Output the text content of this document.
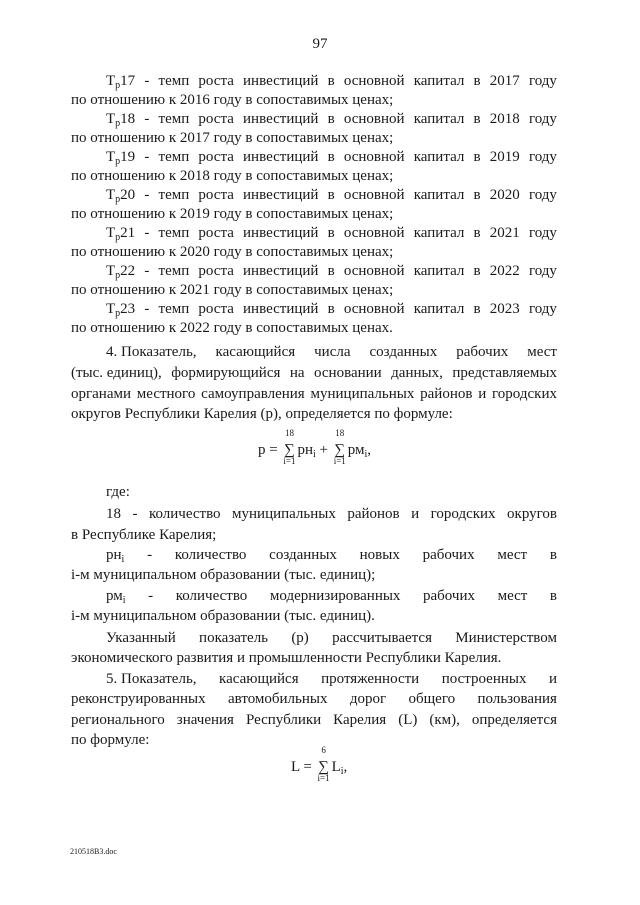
97
$Т_р17$ - темп роста инвестиций в основной капитал в 2017 году
по отношению к 2016 году в сопоставимых ценах;
$Т_р18$ - темп роста инвестиций в основной капитал в 2018 году
по отношению к 2017 году в сопоставимых ценах;
$Т_р19$ - темп роста инвестиций в основной капитал в 2019 году
по отношению к 2018 году в сопоставимых ценах;
$Т_р20$ - темп роста инвестиций в основной капитал в 2020 году
по отношению к 2019 году в сопоставимых ценах;
$Т_р21$ - темп роста инвестиций в основной капитал в 2021 году
по отношению к 2020 году в сопоставимых ценах;
$Т_р22$ - темп роста инвестиций в основной капитал в 2022 году
по отношению к 2021 году в сопоставимых ценах;
$Т_р23$ - темп роста инвестиций в основной капитал в 2023 году
по отношению к 2022 году в сопоставимых ценах.
4. Показатель, касающийся числа созданных рабочих мест
(тыс. единиц), формирующийся на основании данных, представляемых
органами местного самоуправления муниципальных районов и городских
округов Республики Карелия (p), определяется по формуле:
где:
18 - количество муниципальных районов и городских округов
в Республике Карелия;
$рн_i$ - количество созданных новых рабочих мест в
i-м муниципальном образовании (тыс. единиц);
$рм_i$ - количество модернизированных рабочих мест в
i-м муниципальном образовании (тыс. единиц).
Указанный показатель (p) рассчитывается Министерством
экономического развития и промышленности Республики Карелия.
5. Показатель, касающийся протяженности построенных и
реконструированных автомобильных дорог общего пользования
регионального значения Республики Карелия (L) (км), определяется
по формуле:
p = ∑
18
i=1
$рн_i$ + ∑
18
i=1
$рм_i$,
L = ∑
6
i=1
$L_i$,
210518В3.doc
